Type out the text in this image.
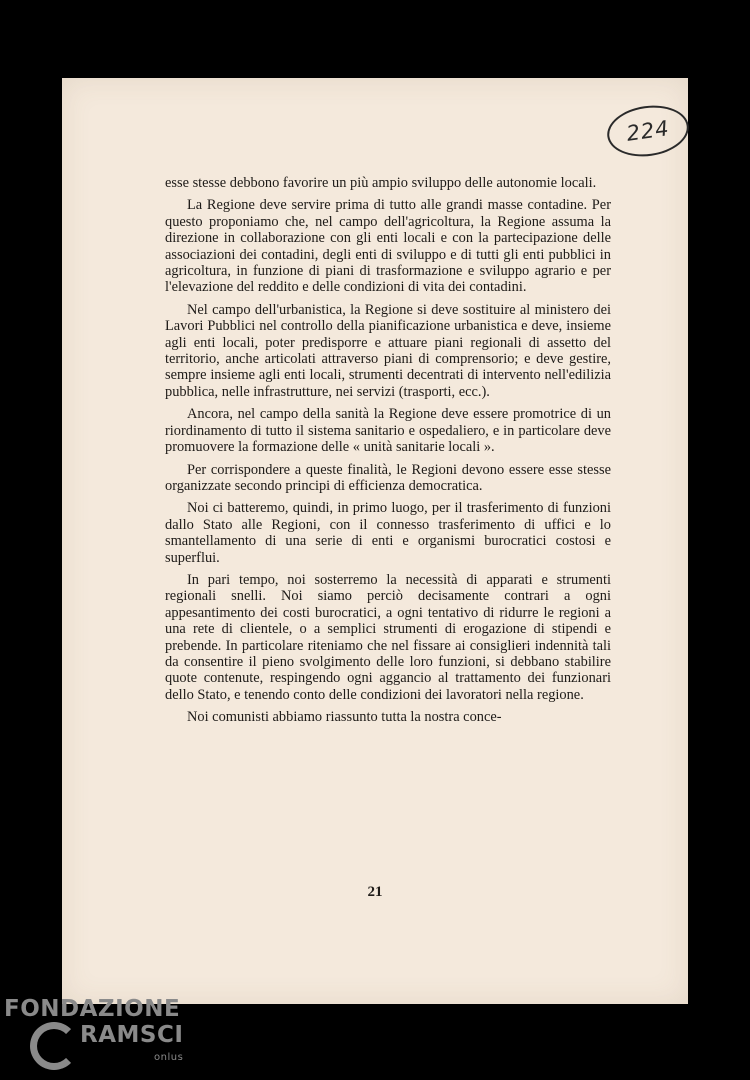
224

esse stesse debbono favorire un più ampio sviluppo delle autonomie locali.

La Regione deve servire prima di tutto alle grandi masse contadine. Per questo proponiamo che, nel campo dell'agricoltura, la Regione assuma la direzione in collaborazione con gli enti locali e con la partecipazione delle associazioni dei contadini, degli enti di sviluppo e di tutti gli enti pubblici in agricoltura, in funzione di piani di trasformazione e sviluppo agrario e per l'elevazione del reddito e delle condizioni di vita dei contadini.

Nel campo dell'urbanistica, la Regione si deve sostituire al ministero dei Lavori Pubblici nel controllo della pianificazione urbanistica e deve, insieme agli enti locali, poter predisporre e attuare piani regionali di assetto del territorio, anche articolati attraverso piani di comprensorio; e deve gestire, sempre insieme agli enti locali, strumenti decentrati di intervento nell'edilizia pubblica, nelle infrastrutture, nei servizi (trasporti, ecc.).

Ancora, nel campo della sanità la Regione deve essere promotrice di un riordinamento di tutto il sistema sanitario e ospedaliero, e in particolare deve promuovere la formazione delle « unità sanitarie locali ».

Per corrispondere a queste finalità, le Regioni devono essere esse stesse organizzate secondo principi di efficienza democratica.

Noi ci batteremo, quindi, in primo luogo, per il trasferimento di funzioni dallo Stato alle Regioni, con il connesso trasferimento di uffici e lo smantellamento di una serie di enti e organismi burocratici costosi e superflui.

In pari tempo, noi sosterremo la necessità di apparati e strumenti regionali snelli. Noi siamo perciò decisamente contrari a ogni appesantimento dei costi burocratici, a ogni tentativo di ridurre le regioni a una rete di clientele, o a semplici strumenti di erogazione di stipendi e prebende. In particolare riteniamo che nel fissare ai consiglieri indennità tali da consentire il pieno svolgimento delle loro funzioni, si debbano stabilire quote contenute, respingendo ogni aggancio al trattamento dei funzionari dello Stato, e tenendo conto delle condizioni dei lavoratori nella regione.

Noi comunisti abbiamo riassunto tutta la nostra conce-

21
FONDAZIONE
RAMSCI
onlus
